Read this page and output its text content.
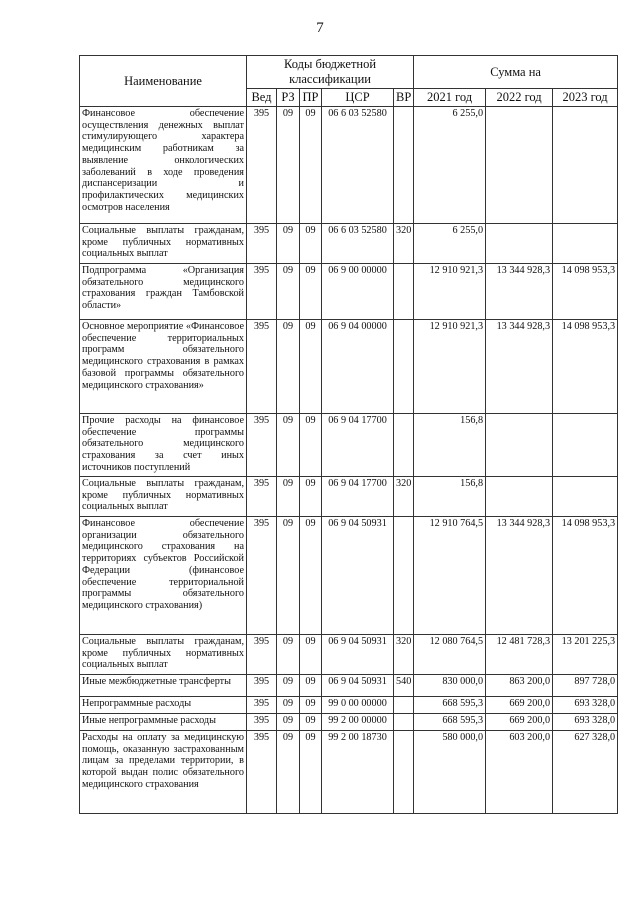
7
Наименование	Коды бюджетной классификации					Сумма на		
	Вед	РЗ	ПР	ЦСР	ВР	2021 год	2022 год	2023 год
Финансовое обеспечение осуществления денежных выплат стимулирующего характера медицинским работникам за выявление онкологических заболеваний в ходе проведения диспансеризации и профилактических медицинских осмотров населения	395	09	09	06 6 03 52580		6 255,0		
Социальные выплаты гражданам, кроме публичных нормативных социальных выплат	395	09	09	06 6 03 52580	320	6 255,0		
Подпрограмма «Организация обязательного медицинского страхования граждан Тамбовской области»	395	09	09	06 9 00 00000		12 910 921,3	13 344 928,3	14 098 953,3
Основное мероприятие «Финансовое обеспечение территориальных программ обязательного медицинского страхования в рамках базовой программы обязательного медицинского страхования»	395	09	09	06 9 04 00000		12 910 921,3	13 344 928,3	14 098 953,3
Прочие расходы на финансовое обеспечение программы обязательного медицинского страхования за счет иных источников поступлений	395	09	09	06 9 04 17700		156,8		
Социальные выплаты гражданам, кроме публичных нормативных социальных выплат	395	09	09	06 9 04 17700	320	156,8		
Финансовое обеспечение организации обязательного медицинского страхования на территориях субъектов Российской Федерации (финансовое обеспечение территориальной программы обязательного медицинского страхования)	395	09	09	06 9 04 50931		12 910 764,5	13 344 928,3	14 098 953,3
Социальные выплаты гражданам, кроме публичных нормативных социальных выплат	395	09	09	06 9 04 50931	320	12 080 764,5	12 481 728,3	13 201 225,3
Иные межбюджетные трансферты	395	09	09	06 9 04 50931	540	830 000,0	863 200,0	897 728,0
Непрограммные расходы	395	09	09	99 0 00 00000		668 595,3	669 200,0	693 328,0
Иные непрограммные расходы	395	09	09	99 2 00 00000		668 595,3	669 200,0	693 328,0
Расходы на оплату за медицинскую помощь, оказанную застрахованным лицам за пределами территории, в которой выдан полис обязательного медицинского страхования	395	09	09	99 2 00 18730		580 000,0	603 200,0	627 328,0
